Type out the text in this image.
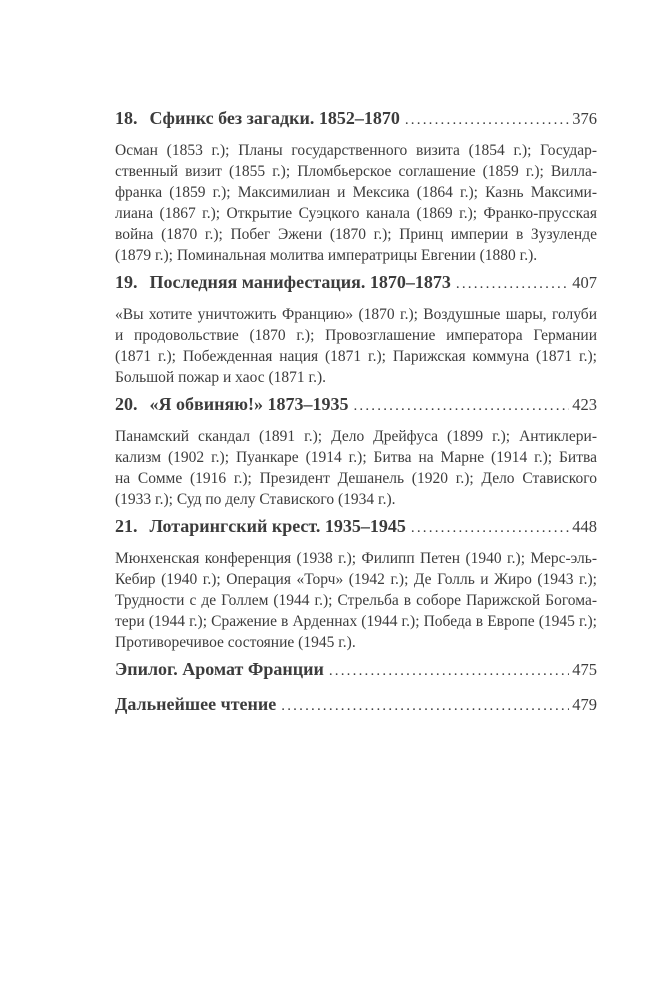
18. Сфинкс без загадки. 1852–1870 .....	376
Осман (1853 г.); Планы государственного визита (1854 г.); Государ-
ственный визит (1855 г.); Пломбьерское соглашение (1859 г.); Вилла-
франка (1859 г.); Максимилиан и Мексика (1864 г.); Казнь Максими-
лиана (1867 г.); Открытие Суэцкого канала (1869 г.); Франко-прусская
война (1870 г.); Побег Эжени (1870 г.); Принц империи в Зузуленде
(1879 г.); Поминальная молитва императрицы Евгении (1880 г.).
19. Последняя манифестация. 1870–1873 .....	407
«Вы хотите уничтожить Францию» (1870 г.); Воздушные шары, голуби
и продовольствие (1870 г.); Провозглашение императора Германии
(1871 г.); Побежденная нация (1871 г.); Парижская коммуна (1871 г.);
Большой пожар и хаос (1871 г.).
20. «Я обвиняю!» 1873–1935 .....	423
Панамский скандал (1891 г.); Дело Дрейфуса (1899 г.); Антиклери-
кализм (1902 г.); Пуанкаре (1914 г.); Битва на Марне (1914 г.); Битва
на Сомме (1916 г.); Президент Дешанель (1920 г.); Дело Ставиского
(1933 г.); Суд по делу Ставиского (1934 г.).
21. Лотарингский крест. 1935–1945 .....	448
Мюнхенская конференция (1938 г.); Филипп Петен (1940 г.); Мерс-эль-
Кебир (1940 г.); Операция «Торч» (1942 г.); Де Голль и Жиро (1943 г.);
Трудности с де Голлем (1944 г.); Стрельба в соборе Парижской Богома-
тери (1944 г.); Сражение в Арденнах (1944 г.); Победа в Европе (1945 г.);
Противоречивое состояние (1945 г.).
Эпилог. Аромат Франции .....	475
Дальнейшее чтение .....	479
